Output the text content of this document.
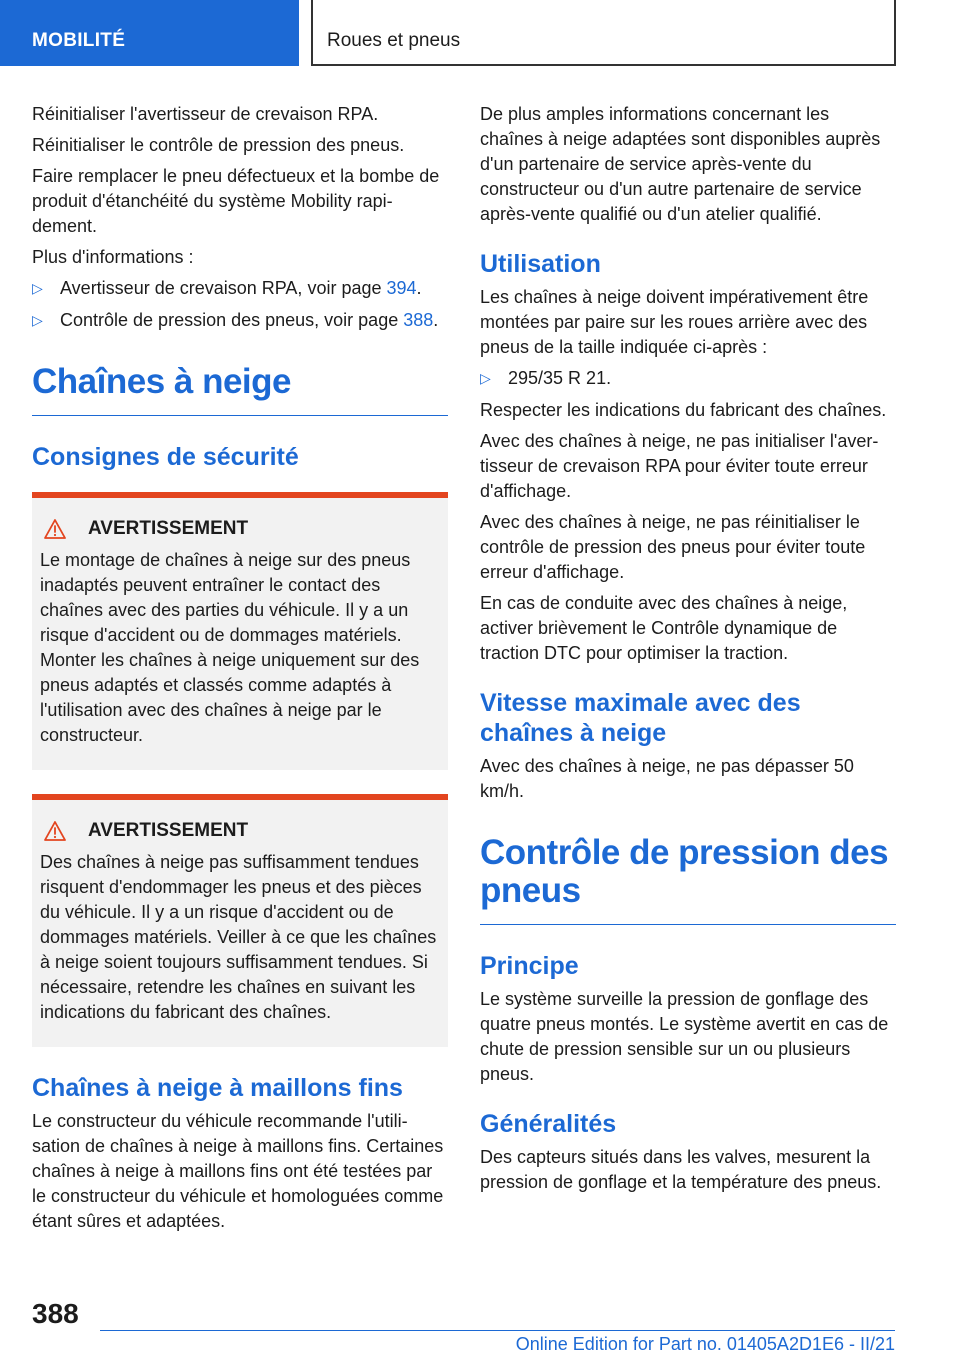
MOBILITÉ	Roues et pneus

Réinitialiser l'avertisseur de crevaison RPA.

Réinitialiser le contrôle de pression des pneus.

Faire remplacer le pneu défectueux et la bombe de produit d'étanchéité du système Mobility rapidement.

Plus d'informations :

▷ Avertisseur de crevaison RPA, voir page 394.
▷ Contrôle de pression des pneus, voir page 388.
Chaînes à neige
Consignes de sécurité
AVERTISSEMENT

Le montage de chaînes à neige sur des pneus inadaptés peuvent entraîner le contact des chaînes avec des parties du véhicule. Il y a un risque d'accident ou de dommages matériels. Monter les chaînes à neige uniquement sur des pneus adaptés et classés comme adaptés à l'utilisation avec des chaînes à neige par le constructeur.

AVERTISSEMENT

Des chaînes à neige pas suffisamment tendues risquent d'endommager les pneus et des pièces du véhicule. Il y a un risque d'accident ou de dommages matériels. Veiller à ce que les chaînes à neige soient toujours suffisamment tendues. Si nécessaire, retendre les chaînes en suivant les indications du fabricant des chaînes.

Chaînes à neige à maillons fins

Le constructeur du véhicule recommande l'utilisation de chaînes à neige à maillons fins. Certaines chaînes à neige à maillons fins ont été testées par le constructeur du véhicule et homologuées comme étant sûres et adaptées.

De plus amples informations concernant les chaînes à neige adaptées sont disponibles auprès d'un partenaire de service après-vente du constructeur ou d'un autre partenaire de service après-vente qualifié ou d'un atelier qualifié.

Utilisation

Les chaînes à neige doivent impérativement être montées par paire sur les roues arrière avec des pneus de la taille indiquée ci-après :

▷ 295/35 R 21.

Respecter les indications du fabricant des chaînes.

Avec des chaînes à neige, ne pas initialiser l'avertisseur de crevaison RPA pour éviter toute erreur d'affichage.

Avec des chaînes à neige, ne pas réinitialiser le contrôle de pression des pneus pour éviter toute erreur d'affichage.

En cas de conduite avec des chaînes à neige, activer brièvement le Contrôle dynamique de traction DTC pour optimiser la traction.

Vitesse maximale avec des chaînes à neige

Avec des chaînes à neige, ne pas dépasser 50 km/h.

Contrôle de pression des pneus
Principe

Le système surveille la pression de gonflage des quatre pneus montés. Le système avertit en cas de chute de pression sensible sur un ou plusieurs pneus.

Généralités

Des capteurs situés dans les valves, mesurent la pression de gonflage et la température des pneus.

388
Online Edition for Part no. 01405A2D1E6 - II/21
